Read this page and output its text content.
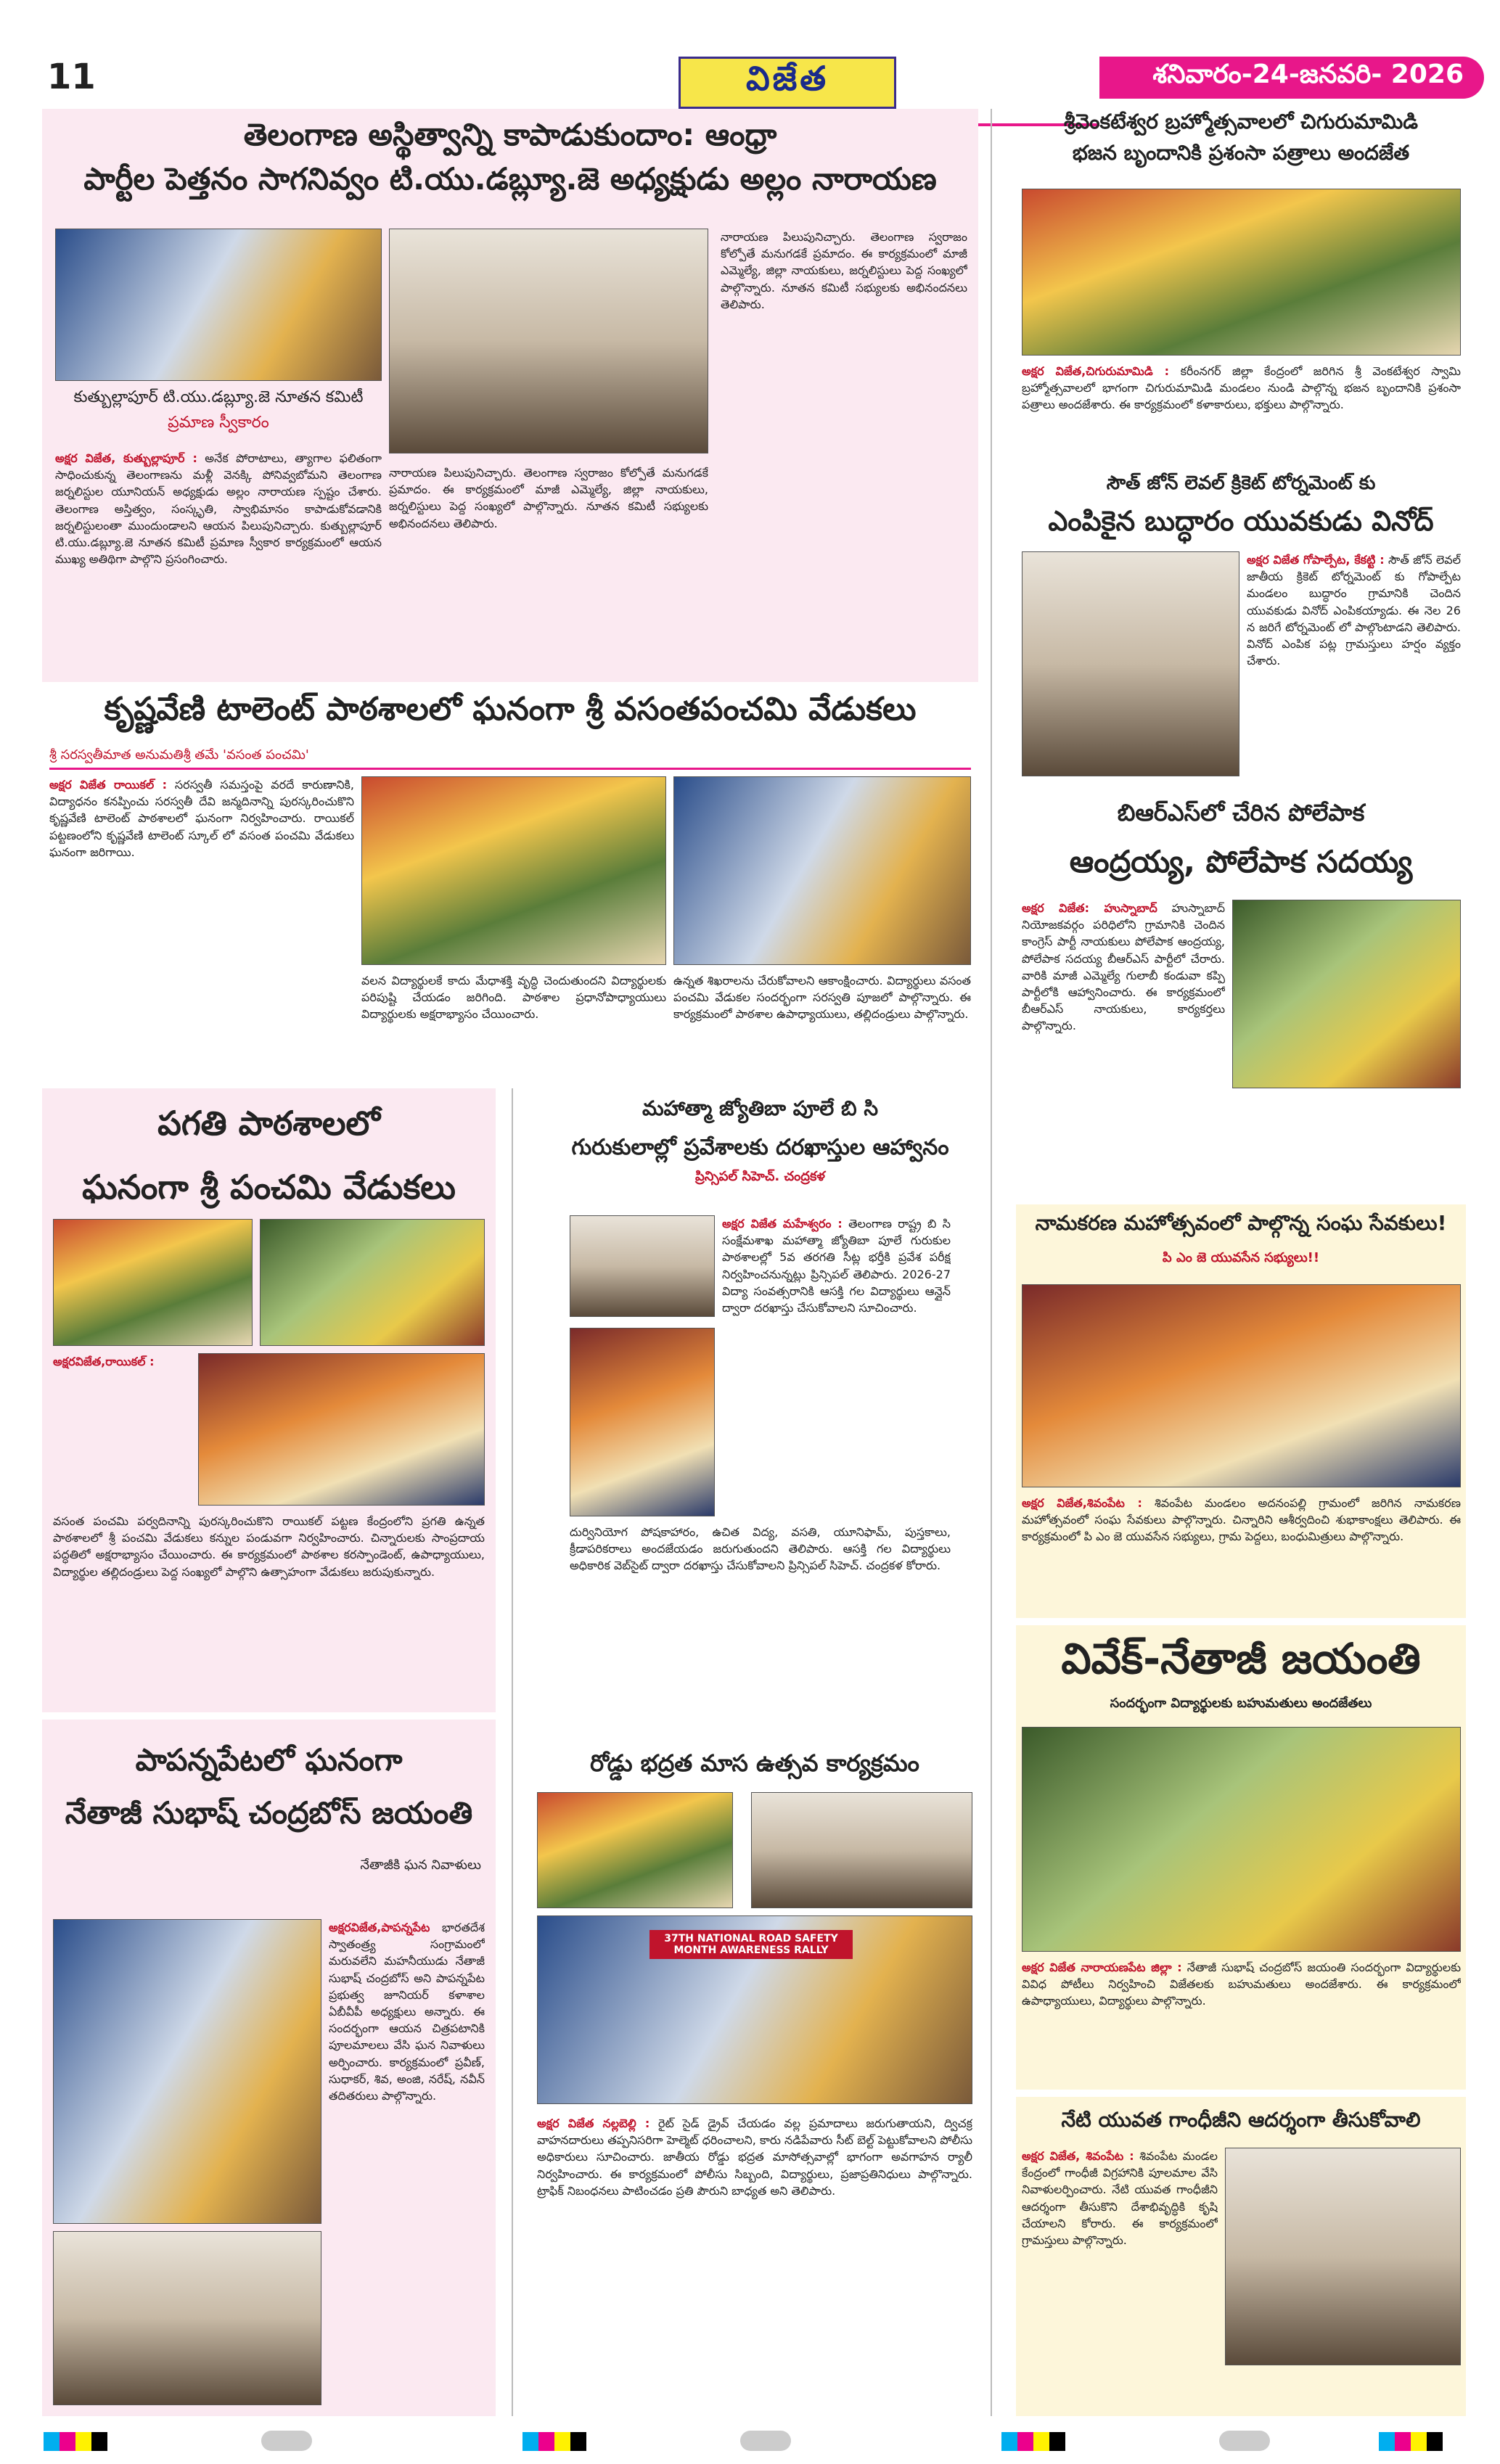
11	విజేత	శనివారం-24-జనవరి- 2026
తెలంగాణ అస్థిత్వాన్ని కాపాడుకుందాం: ఆంధ్రా
పార్టీల పెత్తనం సాగనివ్వం టి.యు.డబ్ల్యూ.జె అధ్యక్షుడు అల్లం నారాయణ
కుత్బుల్లాపూర్ టి.యు.డబ్ల్యూ.జె నూతన కమిటీ
ప్రమాణ స్వీకారం
అక్షర విజేత, కుత్బుల్లాపూర్ : అనేక పోరాటాలు, త్యాగాల ఫలితంగా సాధించుకున్న తెలంగాణను మళ్లీ వెనక్కి పోనివ్వబోమని తెలంగాణ జర్నలిస్టుల యూనియన్ అధ్యక్షుడు అల్లం నారాయణ స్పష్టం చేశారు. తెలంగాణ అస్తిత్వం, సంస్కృతి, స్వాభిమానం కాపాడుకోవడానికి జర్నలిస్టులంతా ముందుండాలని ఆయన పిలుపునిచ్చారు. కుత్బుల్లాపూర్ టి.యు.డబ్ల్యూ.జె నూతన కమిటీ ప్రమాణ స్వీకార కార్యక్రమంలో ఆయన ముఖ్య అతిథిగా పాల్గొని ప్రసంగించారు.
నారాయణ పిలుపునిచ్చారు. తెలంగాణ స్వరాజం కోల్పోతే మనుగడకే ప్రమాదం. ఈ కార్యక్రమంలో మాజీ ఎమ్మెల్యే, జిల్లా నాయకులు, జర్నలిస్టులు పెద్ద సంఖ్యలో పాల్గొన్నారు. నూతన కమిటీ సభ్యులకు అభినందనలు తెలిపారు.
నారాయణ పిలుపునిచ్చారు. తెలంగాణ స్వరాజం కోల్పోతే మనుగడకే ప్రమాదం. ఈ కార్యక్రమంలో మాజీ ఎమ్మెల్యే, జిల్లా నాయకులు, జర్నలిస్టులు పెద్ద సంఖ్యలో పాల్గొన్నారు. నూతన కమిటీ సభ్యులకు అభినందనలు తెలిపారు.
కృష్ణవేణి టాలెంట్ పాఠశాలలో ఘనంగా శ్రీ వసంతపంచమి వేడుకలు
శ్రీ సరస్వతీమాత అనుమతిశ్రీ తమే 'వసంత పంచమి'
అక్షర విజేత రాయికల్ : సరస్వతీ సమస్తంపై వరదే కారుణానికి, విద్యాధనం కనప్పించు సరస్వతీ దేవి జన్మదినాన్ని పురస్కరించుకొని కృష్ణవేణి టాలెంట్ పాఠశాలలో ఘనంగా నిర్వహించారు. రాయికల్ పట్టణంలోని కృష్ణవేణి టాలెంట్ స్కూల్ లో వసంత పంచమి వేడుకలు ఘనంగా జరిగాయి.
వలన విద్యార్థులకే కాదు మేధాశక్తి వృద్ధి చెందుతుందని విద్యార్థులకు పరిపుష్టి చేయడం జరిగింది. పాఠశాల ప్రధానోపాధ్యాయులు విద్యార్థులకు అక్షరాభ్యాసం చేయించారు.
ఉన్నత శిఖరాలను చేరుకోవాలని ఆకాంక్షించారు. విద్యార్థులు వసంత పంచమి వేడుకల సందర్భంగా సరస్వతి పూజలో పాల్గొన్నారు. ఈ కార్యక్రమంలో పాఠశాల ఉపాధ్యాయులు, తల్లిదండ్రులు పాల్గొన్నారు.
ప‌గతి పాఠశాలలో
ఘనంగా శ్రీ పంచమి వేడుకలు
అక్షరవిజేత,రాయికల్ :
వసంత పంచమి పర్వదినాన్ని పురస్కరించుకొని రాయికల్ పట్టణ కేంద్రంలోని ప్రగతి ఉన్నత పాఠశాలలో శ్రీ పంచమి వేడుకలు కన్నుల పండువగా నిర్వహించారు. చిన్నారులకు సాంప్రదాయ పద్ధతిలో అక్షరాభ్యాసం చేయించారు. ఈ కార్యక్రమంలో పాఠశాల కరస్పాండెంట్, ఉపాధ్యాయులు, విద్యార్థుల తల్లిదండ్రులు పెద్ద సంఖ్యలో పాల్గొని ఉత్సాహంగా వేడుకలు జరుపుకున్నారు.
పాపన్నపేటలో ఘనంగా
నేతాజీ సుభాష్ చంద్రబోస్ జయంతి
నేతాజీకి ఘన నివాళులు
అక్షరవిజేత,పాపన్నపేట భారతదేశ స్వాతంత్ర్య సంగ్రామంలో మరువలేని మహనీయుడు నేతాజీ సుభాష్ చంద్రబోస్ అని పాపన్నపేట ప్రభుత్వ జూనియర్ కళాశాల ఏబీవీపీ అధ్యక్షులు అన్నారు. ఈ సందర్భంగా ఆయన చిత్రపటానికి పూలమాలలు వేసి ఘన నివాళులు అర్పించారు. కార్యక్రమంలో ప్రవీణ్, సుధాకర్, శివ, అంజి, నరేష్, నవీన్ తదితరులు పాల్గొన్నారు.
మహాత్మా జ్యోతిబా పూలే బి సి
గురుకులాల్లో ప్రవేశాలకు దరఖాస్తుల ఆహ్వానం
ప్రిన్సిపల్ సిహెచ్. చంద్రకళ
అక్షర విజేత మహేశ్వరం : తెలంగాణ రాష్ట్ర బి సి సంక్షేమశాఖ మహాత్మా జ్యోతిబా పూలే గురుకుల పాఠశాలల్లో 5వ తరగతి సీట్ల భర్తీకి ప్రవేశ పరీక్ష నిర్వహించనున్నట్లు ప్రిన్సిపల్ తెలిపారు. 2026-27 విద్యా సంవత్సరానికి ఆసక్తి గల విద్యార్థులు ఆన్లైన్ ద్వారా దరఖాస్తు చేసుకోవాలని సూచించారు.
దుర్వినియోగ పోషకాహారం, ఉచిత విద్య, వసతి, యూనిఫామ్, పుస్తకాలు, క్రీడాపరికరాలు అందజేయడం జరుగుతుందని తెలిపారు. ఆసక్తి గల విద్యార్థులు అధికారిక వెబ్‌సైట్ ద్వారా దరఖాస్తు చేసుకోవాలని ప్రిన్సిపల్ సిహెచ్. చంద్రకళ కోరారు.
రోడ్డు భద్రత మాస ఉత్సవ కార్యక్రమం
37TH NATIONAL ROAD SAFETY MONTH AWARENESS RALLY
అక్షర విజేత నల్లబెల్లి : రైట్ సైడ్ డ్రైవ్ చేయడం వల్ల ప్రమాదాలు జరుగుతాయని, ద్విచక్ర వాహనదారులు తప్పనిసరిగా హెల్మెట్ ధరించాలని, కారు నడిపేవారు సీట్ బెల్ట్ పెట్టుకోవాలని పోలీసు అధికారులు సూచించారు. జాతీయ రోడ్డు భద్రత మాసోత్సవాల్లో భాగంగా అవగాహన ర్యాలీ నిర్వహించారు. ఈ కార్యక్రమంలో పోలీసు సిబ్బంది, విద్యార్థులు, ప్రజాప్రతినిధులు పాల్గొన్నారు. ట్రాఫిక్ నిబంధనలు పాటించడం ప్రతి పౌరుని బాధ్యత అని తెలిపారు.
శ్రీవెంకటేశ్వర బ్రహ్మోత్సవాలలో చిగురుమామిడి
భజన బృందానికి ప్రశంసా పత్రాలు అందజేత
అక్షర విజేత,చిగురుమామిడి : కరీంనగర్ జిల్లా కేంద్రంలో జరిగిన శ్రీ వెంకటేశ్వర స్వామి బ్రహ్మోత్సవాలలో భాగంగా చిగురుమామిడి మండలం నుండి పాల్గొన్న భజన బృందానికి ప్రశంసా పత్రాలు అందజేశారు. ఈ కార్యక్రమంలో కళాకారులు, భక్తులు పాల్గొన్నారు.
సౌత్ జోన్ లెవల్ క్రికెట్ టోర్నమెంట్ కు
ఎంపికైన బుద్ధారం యువకుడు వినోద్
అక్షర విజేత గోపాల్పేట, కేకట్టి : సౌత్ జోన్ లెవల్ జాతీయ క్రికెట్ టోర్నమెంట్ కు గోపాల్పేట మండలం బుద్ధారం గ్రామానికి చెందిన యువకుడు వినోద్ ఎంపికయ్యాడు. ఈ నెల 26 న జరిగే టోర్నమెంట్ లో పాల్గొంటాడని తెలిపారు. వినోద్ ఎంపిక పట్ల గ్రామస్తులు హర్షం వ్యక్తం చేశారు.
బిఆర్ఎస్‌లో చేరిన పోలేపాక
ఆంద్రయ్య, పోలేపాక సదయ్య
అక్షర విజేత: హుస్నాబాద్ హుస్నాబాద్ నియోజకవర్గం పరిధిలోని గ్రామానికి చెందిన కాంగ్రెస్ పార్టీ నాయకులు పోలేపాక ఆంద్రయ్య, పోలేపాక సదయ్య బీఆర్ఎస్ పార్టీలో చేరారు. వారికి మాజీ ఎమ్మెల్యే గులాబీ కండువా కప్పి పార్టీలోకి ఆహ్వానించారు. ఈ కార్యక్రమంలో బీఆర్ఎస్ నాయకులు, కార్యకర్తలు పాల్గొన్నారు.
నామకరణ మహోత్సవంలో పాల్గొన్న సంఘ సేవకులు!
పి ఎం జె యువసేన సభ్యులు!!
అక్షర విజేత,శివంపేట : శివంపేట మండలం అదనంపల్లి గ్రామంలో జరిగిన నామకరణ మహోత్సవంలో సంఘ సేవకులు పాల్గొన్నారు. చిన్నారిని ఆశీర్వదించి శుభాకాంక్షలు తెలిపారు. ఈ కార్యక్రమంలో పి ఎం జె యువసేన సభ్యులు, గ్రామ పెద్దలు, బంధుమిత్రులు పాల్గొన్నారు.
వివేక్-నేతాజీ జయంతి
సందర్భంగా విద్యార్థులకు బహుమతులు అందజేతలు
అక్షర విజేత నారాయణపేట జిల్లా : నేతాజీ సుభాష్ చంద్రబోస్ జయంతి సందర్భంగా విద్యార్థులకు వివిధ పోటీలు నిర్వహించి విజేతలకు బహుమతులు అందజేశారు. ఈ కార్యక్రమంలో ఉపాధ్యాయులు, విద్యార్థులు పాల్గొన్నారు.
నేటి యువత గాంధీజీని ఆదర్శంగా తీసుకోవాలి
అక్షర విజేత, శివంపేట : శివంపేట మండల కేంద్రంలో గాంధీజీ విగ్రహానికి పూలమాల వేసి నివాళులర్పించారు. నేటి యువత గాంధీజీని ఆదర్శంగా తీసుకొని దేశాభివృద్ధికి కృషి చేయాలని కోరారు. ఈ కార్యక్రమంలో గ్రామస్తులు పాల్గొన్నారు.
